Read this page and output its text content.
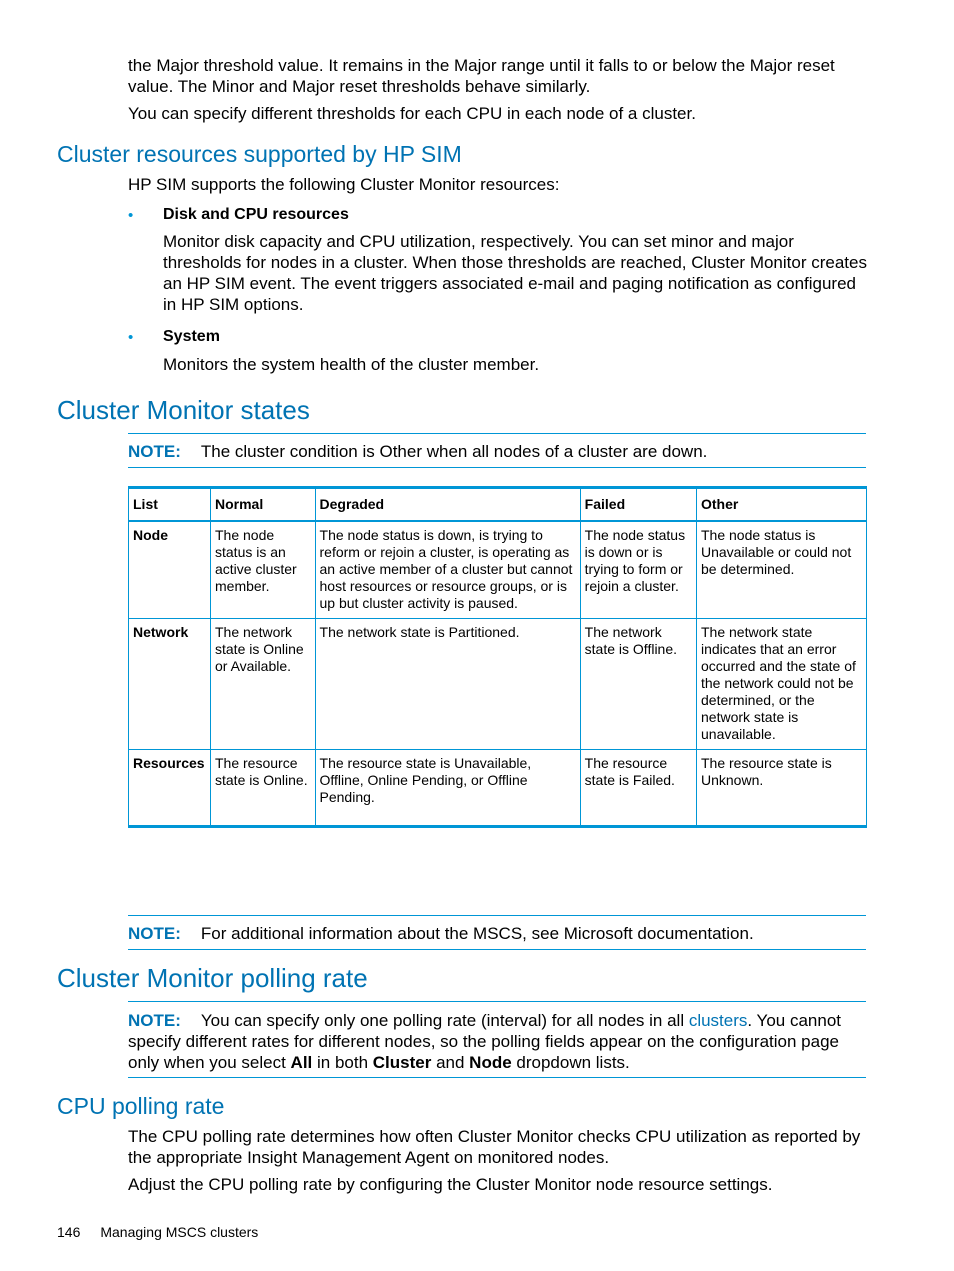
the Major threshold value. It remains in the Major range until it falls to or below the Major reset value. The Minor and Major reset thresholds behave similarly.

You can specify different thresholds for each CPU in each node of a cluster.

Cluster resources supported by HP SIM

HP SIM supports the following Cluster Monitor resources:

• Disk and CPU resources

Monitor disk capacity and CPU utilization, respectively. You can set minor and major thresholds for nodes in a cluster. When those thresholds are reached, Cluster Monitor creates an HP SIM event. The event triggers associated e-mail and paging notification as configured in HP SIM options.

• System

Monitors the system health of the cluster member.

Cluster Monitor states

NOTE: The cluster condition is Other when all nodes of a cluster are down.

List	Normal	Degraded	Failed	Other
Node	The node status is an active cluster member.	The node status is down, is trying to reform or rejoin a cluster, is operating as an active member of a cluster but cannot host resources or resource groups, or is up but cluster activity is paused.	The node status is down or is trying to form or rejoin a cluster.	The node status is Unavailable or could not be determined.
Network	The network state is Online or Available.	The network state is Partitioned.	The network state is Offline.	The network state indicates that an error occurred and the state of the network could not be determined, or the network state is unavailable.
Resources	The resource state is Online.	The resource state is Unavailable, Offline, Online Pending, or Offline Pending.	The resource state is Failed.	The resource state is Unknown.

NOTE: For additional information about the MSCS, see Microsoft documentation.

Cluster Monitor polling rate

NOTE: You can specify only one polling rate (interval) for all nodes in all clusters. You cannot specify different rates for different nodes, so the polling fields appear on the configuration page only when you select All in both Cluster and Node dropdown lists.

CPU polling rate

The CPU polling rate determines how often Cluster Monitor checks CPU utilization as reported by the appropriate Insight Management Agent on monitored nodes.

Adjust the CPU polling rate by configuring the Cluster Monitor node resource settings.

146 Managing MSCS clusters
